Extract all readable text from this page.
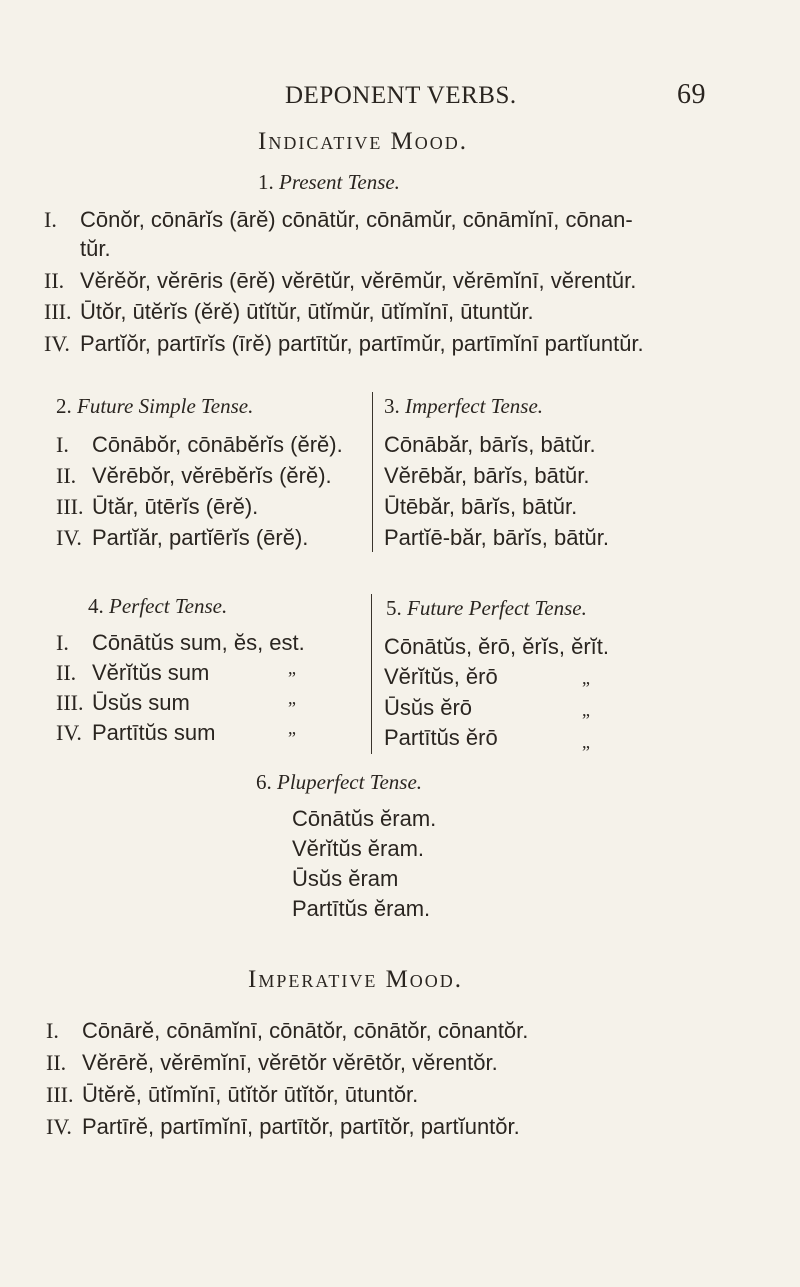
DEPONENT VERBS.	69
Indicative Mood.
1. Present Tense.
I. Cōnŏr, cōnārĭs (ārĕ) cōnātŭr, cōnāmŭr, cōnāmĭnī, cōnan-
tŭr.
II. Vĕrĕŏr, vĕrēris (ērĕ) vĕrētŭr, vĕrēmŭr, vĕrēmĭnī, vĕrentŭr.
III. Ūtŏr, ūtĕrĭs (ĕrĕ) ūtĭtŭr, ūtĭmŭr, ūtĭmĭnī, ūtuntŭr.
IV. Partĭŏr, partīrĭs (īrĕ) partītŭr, partīmŭr, partīmĭnī partĭuntŭr.
2. Future Simple Tense.
I. Cōnābŏr, cōnābĕrĭs (ĕrĕ).
II. Vĕrēbŏr, vĕrēbĕrĭs (ĕrĕ).
III. Ūtăr, ūtērĭs (ērĕ).
IV. Partĭăr, partĭērĭs (ērĕ).
3. Imperfect Tense.
Cōnābăr, bārĭs, bātŭr.
Vĕrēbăr, bārĭs, bātŭr.
Ūtēbăr, bārĭs, bātŭr.
Partĭē-băr, bārĭs, bātŭr.
4. Perfect Tense.
I. Cōnātŭs sum, ĕs, est.
II. Vĕrĭtŭs sum
III. Ūsŭs sum
IV. Partītŭs sum
„
„
„
5. Future Perfect Tense.
Cōnātŭs, ĕrō, ĕrĭs, ĕrĭt.
Vĕrĭtŭs, ĕrō
Ūsŭs ĕrō
Partītŭs ĕrō
„
„
„
6. Pluperfect Tense.
Cōnātŭs ĕram.
Vĕrĭtŭs ĕram.
Ūsŭs ĕram
Partītŭs ĕram.
Imperative Mood.
I. Cōnārĕ, cōnāmĭnī, cōnātŏr, cōnātŏr, cōnantŏr.
II. Vĕrērĕ, vĕrēmĭnī, vĕrētŏr vĕrētŏr, vĕrentŏr.
III. Ūtĕrĕ, ūtĭmĭnī, ūtĭtŏr ūtĭtŏr, ūtuntŏr.
IV. Partīrĕ, partīmĭnī, partītŏr, partītŏr, partĭuntŏr.
